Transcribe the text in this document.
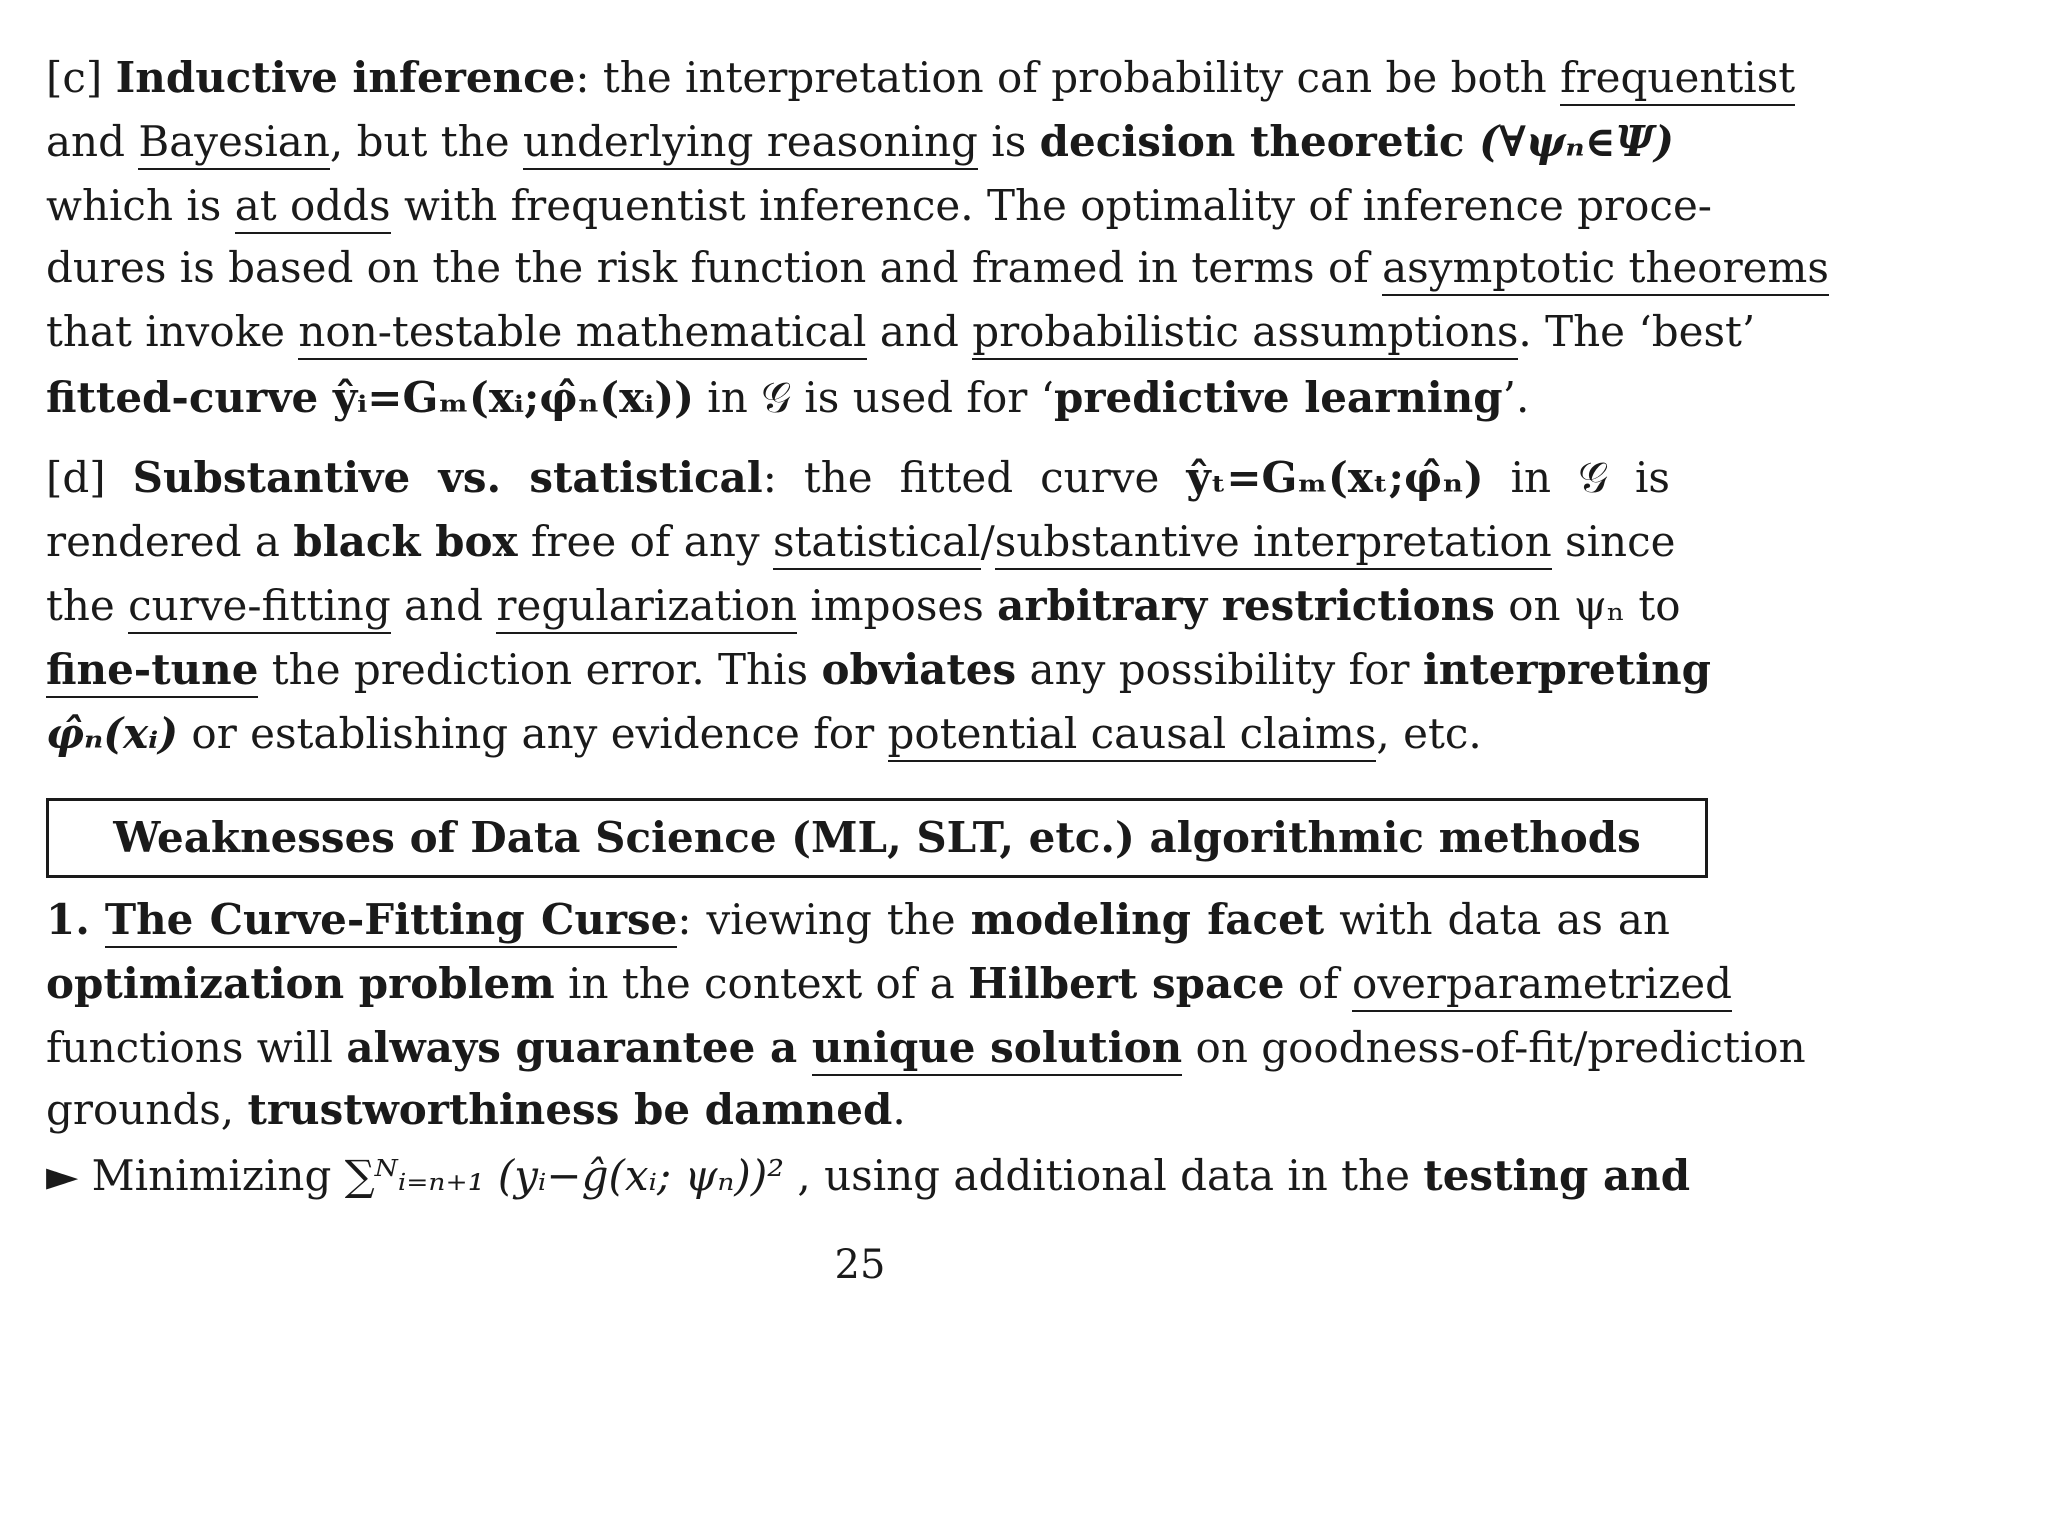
[c] Inductive inference: the interpretation of probability can be both frequentist
and Bayesian, but the underlying reasoning is decision theoretic (∀ψₙ∈Ψ)
which is at odds with frequentist inference. The optimality of inference proce-
dures is based on the the risk function and framed in terms of asymptotic theorems
that invoke non-testable mathematical and probabilistic assumptions. The ‘best’
fitted-curve ŷᵢ=Gₘ(xᵢ;φ̂ₙ(xᵢ)) in 𝒢 is used for ‘predictive learning’.
[d] Substantive vs. statistical: the fitted curve ŷₜ=Gₘ(xₜ;φ̂ₙ) in 𝒢 is
rendered a black box free of any statistical/substantive interpretation since
the curve-fitting and regularization imposes arbitrary restrictions on ψₙ to
fine-tune the prediction error. This obviates any possibility for interpreting
φ̂ₙ(xᵢ) or establishing any evidence for potential causal claims, etc.
Weaknesses of Data Science (ML, SLT, etc.) algorithmic methods
1. The Curve-Fitting Curse: viewing the modeling facet with data as an
optimization problem in the context of a Hilbert space of overparametrized
functions will always guarantee a unique solution on goodness-of-fit/prediction
grounds, trustworthiness be damned.
► Minimizing ∑ᴺᵢ₌ₙ₊₁ (yᵢ−ĝ(xᵢ; ψₙ))² , using additional data in the testing and
25
